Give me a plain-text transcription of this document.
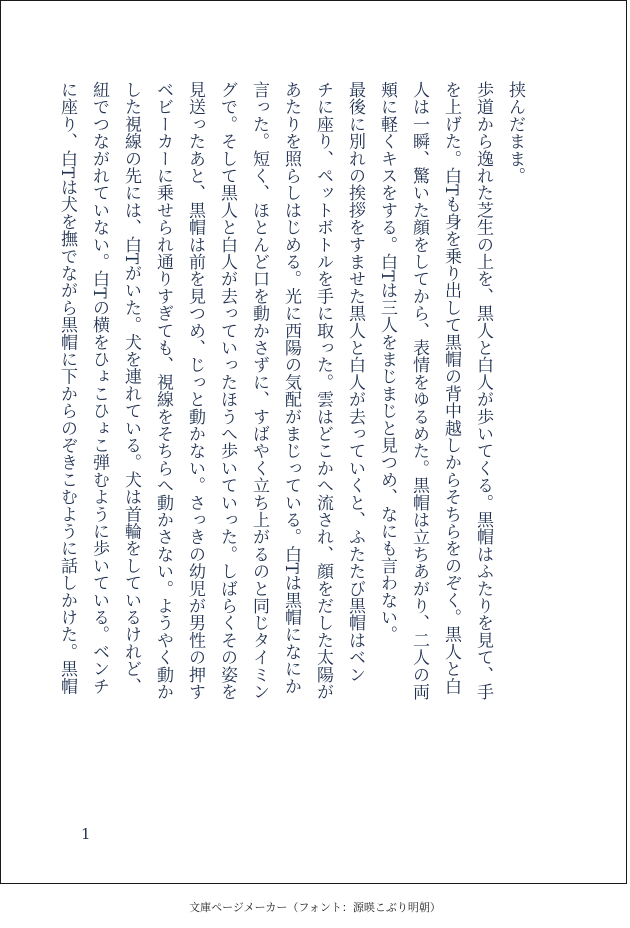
挟んだまま。
歩道から逸れた芝生の上を、黒人と白人が歩いてくる。黒帽はふたりを見て、手
を上げた。白Tも身を乗り出して黒帽の背中越しからそちらをのぞく。黒人と白
人は一瞬、驚いた顔をしてから、表情をゆるめた。黒帽は立ちあがり、二人の両
頬に軽くキスをする。白Tは三人をまじまじと見つめ、なにも言わない。
最後に別れの挨拶をすませた黒人と白人が去っていくと、ふたたび黒帽はベン
チに座り、ペットボトルを手に取った。雲はどこかへ流され、顔をだした太陽が
あたりを照らしはじめる。光に西陽の気配がまじっている。白Tは黒帽になにか
言った。短く、ほとんど口を動かさずに、すばやく立ち上がるのと同じタイミン
グで。そして黒人と白人が去っていったほうへ歩いていった。しばらくその姿を
見送ったあと、黒帽は前を見つめ、じっと動かない。さっきの幼児が男性の押す
ベビーカーに乗せられ通りすぎても、視線をそちらへ動かさない。ようやく動か
した視線の先には、白Tがいた。犬を連れている。犬は首輪をしているけれど、
紐でつながれていない。白Tの横をひょこひょこ弾むように歩いている。ベンチ
に座り、白Tは犬を撫でながら黒帽に下からのぞきこむように話しかけた。黒帽
1
文庫ページメーカー（フォント：源暎こぶり明朝）
